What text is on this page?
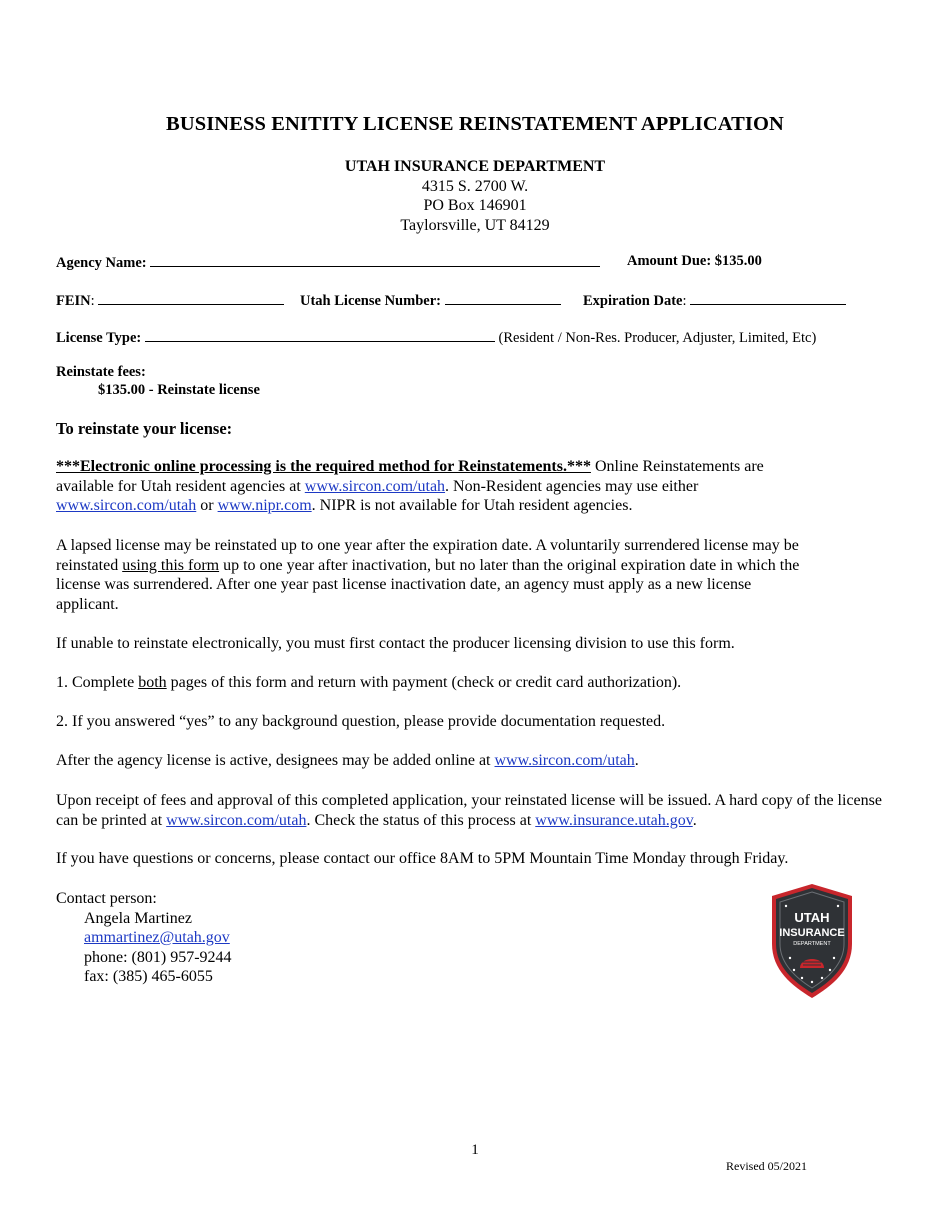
BUSINESS ENITITY LICENSE REINSTATEMENT APPLICATION
UTAH INSURANCE DEPARTMENT
4315 S. 2700 W.
PO Box 146901
Taylorsville, UT 84129
Agency Name:	Amount Due: $135.00
FEIN:	Utah License Number:	Expiration Date:
License Type:	(Resident / Non-Res. Producer, Adjuster, Limited, Etc)
Reinstate fees:
$135.00 - Reinstate license
To reinstate your license:
***Electronic online processing is the required method for Reinstatements.*** Online Reinstatements are available for Utah resident agencies at www.sircon.com/utah. Non-Resident agencies may use either www.sircon.com/utah or www.nipr.com. NIPR is not available for Utah resident agencies.
A lapsed license may be reinstated up to one year after the expiration date. A voluntarily surrendered license may be reinstated using this form up to one year after inactivation, but no later than the original expiration date in which the license was surrendered. After one year past license inactivation date, an agency must apply as a new license applicant.
If unable to reinstate electronically, you must first contact the producer licensing division to use this form.
1. Complete both pages of this form and return with payment (check or credit card authorization).
2. If you answered “yes” to any background question, please provide documentation requested.
After the agency license is active, designees may be added online at www.sircon.com/utah.
Upon receipt of fees and approval of this completed application, your reinstated license will be issued. A hard copy of the license can be printed at www.sircon.com/utah. Check the status of this process at www.insurance.utah.gov.
If you have questions or concerns, please contact our office 8AM to 5PM Mountain Time Monday through Friday.
Contact person:
Angela Martinez
ammartinez@utah.gov
phone: (801) 957-9244
fax: (385) 465-6055
UTAH
INSURANCE
DEPARTMENT
1
Revised 05/2021
